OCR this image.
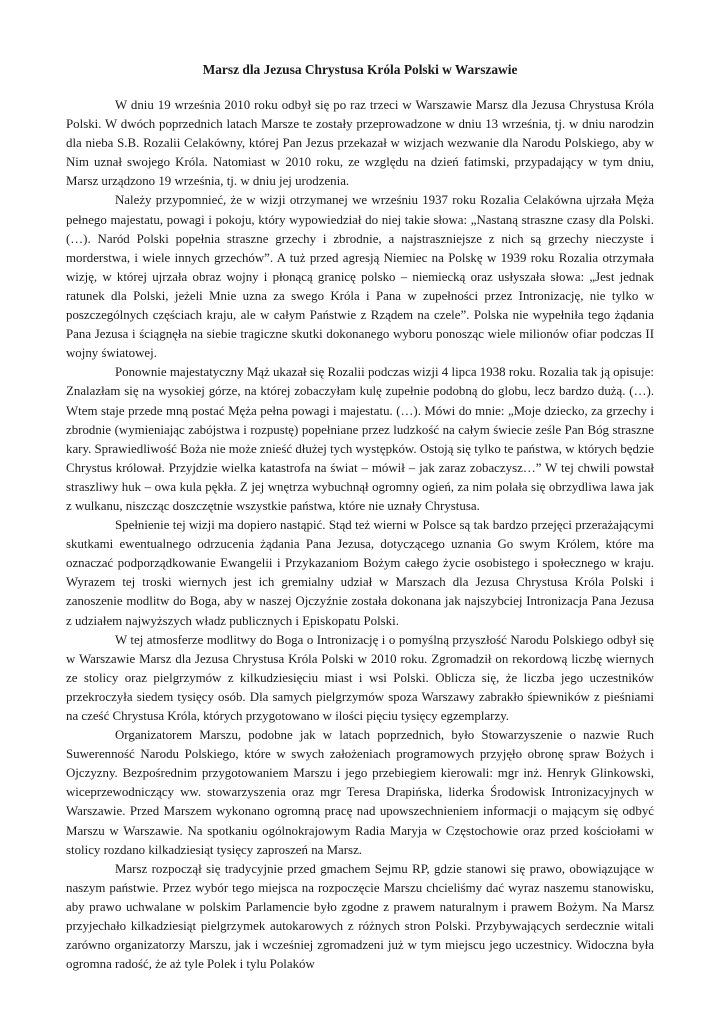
Marsz dla Jezusa Chrystusa Króla Polski w Warszawie

W dniu 19 września 2010 roku odbył się po raz trzeci w Warszawie Marsz dla Jezusa Chrystusa Króla Polski. W dwóch poprzednich latach Marsze te zostały przeprowadzone w dniu 13 września, tj. w dniu narodzin dla nieba S.B. Rozalii Celakówny, której Pan Jezus przekazał w wizjach wezwanie dla Narodu Polskiego, aby w Nim uznał swojego Króla. Natomiast w 2010 roku, ze względu na dzień fatimski, przypadający w tym dniu, Marsz urządzono 19 września, tj. w dniu jej urodzenia.

Należy przypomnieć, że w wizji otrzymanej we wrześniu 1937 roku Rozalia Celakówna ujrzała Męża pełnego majestatu, powagi i pokoju, który wypowiedział do niej takie słowa: „Nastaną straszne czasy dla Polski. (…). Naród Polski popełnia straszne grzechy i zbrodnie, a najstraszniejsze z nich są grzechy nieczyste i morderstwa, i wiele innych grzechów”. A tuż przed agresją Niemiec na Polskę w 1939 roku Rozalia otrzymała wizję, w której ujrzała obraz wojny i płonącą granicę polsko – niemiecką oraz usłyszała słowa: „Jest jednak ratunek dla Polski, jeżeli Mnie uzna za swego Króla i Pana w zupełności przez Intronizację, nie tylko w poszczególnych częściach kraju, ale w całym Państwie z Rządem na czele”. Polska nie wypełniła tego żądania Pana Jezusa i ściągnęła na siebie tragiczne skutki dokonanego wyboru ponosząc wiele milionów ofiar podczas II wojny światowej.

Ponownie majestatyczny Mąż ukazał się Rozalii podczas wizji 4 lipca 1938 roku. Rozalia tak ją opisuje: Znalazłam się na wysokiej górze, na której zobaczyłam kulę zupełnie podobną do globu, lecz bardzo dużą. (…). Wtem staje przede mną postać Męża pełna powagi i majestatu. (…). Mówi do mnie: „Moje dziecko, za grzechy i zbrodnie (wymieniając zabójstwa i rozpustę) popełniane przez ludzkość na całym świecie ześle Pan Bóg straszne kary. Sprawiedliwość Boża nie może znieść dłużej tych występków. Ostoją się tylko te państwa, w których będzie Chrystus królował. Przyjdzie wielka katastrofa na świat – mówił – jak zaraz zobaczysz…” W tej chwili powstał straszliwy huk – owa kula pękła. Z jej wnętrza wybuchnął ogromny ogień, za nim polała się obrzydliwa lawa jak z wulkanu, niszcząc doszczętnie wszystkie państwa, które nie uznały Chrystusa.

Spełnienie tej wizji ma dopiero nastąpić. Stąd też wierni w Polsce są tak bardzo przejęci przerażającymi skutkami ewentualnego odrzucenia żądania Pana Jezusa, dotyczącego uznania Go swym Królem, które ma oznaczać podporządkowanie Ewangelii i Przykazaniom Bożym całego życie osobistego i społecznego w kraju. Wyrazem tej troski wiernych jest ich gremialny udział w Marszach dla Jezusa Chrystusa Króla Polski i zanoszenie modlitw do Boga, aby w naszej Ojczyźnie została dokonana jak najszybciej Intronizacja Pana Jezusa z udziałem najwyższych władz publicznych i Episkopatu Polski.

W tej atmosferze modlitwy do Boga o Intronizację i o pomyślną przyszłość Narodu Polskiego odbył się w Warszawie Marsz dla Jezusa Chrystusa Króla Polski w 2010 roku. Zgromadził on rekordową liczbę wiernych ze stolicy oraz pielgrzymów z kilkudziesięciu miast i wsi Polski. Oblicza się, że liczba jego uczestników przekroczyła siedem tysięcy osób. Dla samych pielgrzymów spoza Warszawy zabrakło śpiewników z pieśniami na cześć Chrystusa Króla, których przygotowano w ilości pięciu tysięcy egzemplarzy.

Organizatorem Marszu, podobne jak w latach poprzednich, było Stowarzyszenie o nazwie Ruch Suwerenność Narodu Polskiego, które w swych założeniach programowych przyjęło obronę spraw Bożych i Ojczyzny. Bezpośrednim przygotowaniem Marszu i jego przebiegiem kierowali: mgr inż. Henryk Glinkowski, wiceprzewodniczący ww. stowarzyszenia oraz mgr Teresa Drapińska, liderka Środowisk Intronizacyjnych w Warszawie. Przed Marszem wykonano ogromną pracę nad upowszechnieniem informacji o mającym się odbyć Marszu w Warszawie. Na spotkaniu ogólnokrajowym Radia Maryja w Częstochowie oraz przed kościołami w stolicy rozdano kilkadziesiąt tysięcy zaproszeń na Marsz.

Marsz rozpoczął się tradycyjnie przed gmachem Sejmu RP, gdzie stanowi się prawo, obowiązujące w naszym państwie. Przez wybór tego miejsca na rozpoczęcie Marszu chcieliśmy dać wyraz naszemu stanowisku, aby prawo uchwalane w polskim Parlamencie było zgodne z prawem naturalnym i prawem Bożym. Na Marsz przyjechało kilkadziesiąt pielgrzymek autokarowych z różnych stron Polski. Przybywających serdecznie witali zarówno organizatorzy Marszu, jak i wcześniej zgromadzeni już w tym miejscu jego uczestnicy. Widoczna była ogromna radość, że aż tyle Polek i tylu Polaków
